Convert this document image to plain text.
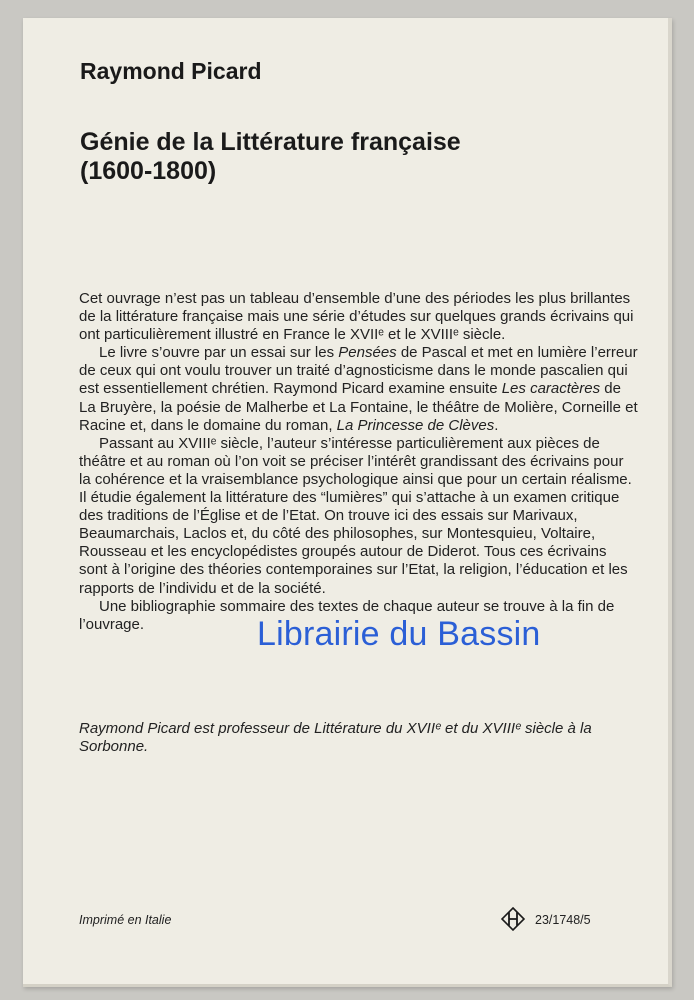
Raymond Picard
Génie de la Littérature française
(1600-1800)

Cet ouvrage n’est pas un tableau d’ensemble d’une des périodes les plus brillantes de la littérature française mais une série d’études sur quelques grands écrivains qui ont particulièrement illustré en France le XVIIᵉ et le XVIIIᵉ siècle.

Le livre s’ouvre par un essai sur les Pensées de Pascal et met en lumière l’erreur de ceux qui ont voulu trouver un traité d’agnosticisme dans le monde pascalien qui est essentiellement chrétien. Raymond Picard examine ensuite Les caractères de La Bruyère, la poésie de Malherbe et La Fontaine, le théâtre de Molière, Corneille et Racine et, dans le domaine du roman, La Princesse de Clèves.

Passant au XVIIIᵉ siècle, l’auteur s’intéresse particulièrement aux pièces de théâtre et au roman où l’on voit se préciser l’intérêt grandissant des écrivains pour la cohérence et la vraisemblance psychologique ainsi que pour un certain réalisme. Il étudie également la littérature des “lumières” qui s’attache à un examen critique des traditions de l’Église et de l’Etat. On trouve ici des essais sur Marivaux, Beaumarchais, Laclos et, du côté des philosophes, sur Montesquieu, Voltaire, Rousseau et les encyclopédistes groupés autour de Diderot. Tous ces écrivains sont à l’origine des théories contemporaines sur l’Etat, la religion, l’éducation et les rapports de l’individu et de la société.

Une bibliographie sommaire des textes de chaque auteur se trouve à la fin de l’ouvrage.

Raymond Picard est professeur de Littérature du XVIIᵉ et du XVIIIᵉ siècle à la Sorbonne.
Imprimé en Italie	23/1748/5
Librairie du Bassin
